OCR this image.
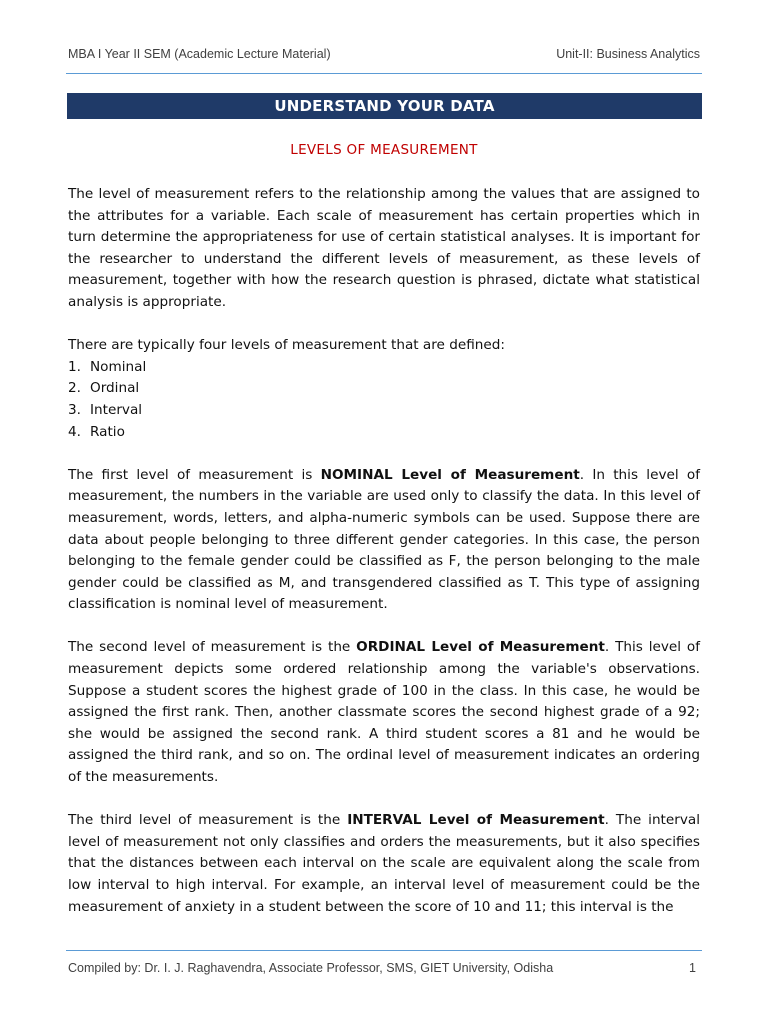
MBA I Year II SEM (Academic Lecture Material)	Unit-II: Business Analytics
UNDERSTAND YOUR DATA
LEVELS OF MEASUREMENT

The level of measurement refers to the relationship among the values that are assigned to the attributes for a variable. Each scale of measurement has certain properties which in turn determine the appropriateness for use of certain statistical analyses. It is important for the researcher to understand the different levels of measurement, as these levels of measurement, together with how the research question is phrased, dictate what statistical analysis is appropriate.

There are typically four levels of measurement that are defined:

1. Nominal
2. Ordinal
3. Interval
4. Ratio

The first level of measurement is NOMINAL Level of Measurement. In this level of measurement, the numbers in the variable are used only to classify the data. In this level of measurement, words, letters, and alpha-numeric symbols can be used. Suppose there are data about people belonging to three different gender categories. In this case, the person belonging to the female gender could be classified as F, the person belonging to the male gender could be classified as M, and transgendered classified as T. This type of assigning classification is nominal level of measurement.

The second level of measurement is the ORDINAL Level of Measurement. This level of measurement depicts some ordered relationship among the variable's observations. Suppose a student scores the highest grade of 100 in the class. In this case, he would be assigned the first rank. Then, another classmate scores the second highest grade of a 92; she would be assigned the second rank. A third student scores a 81 and he would be assigned the third rank, and so on. The ordinal level of measurement indicates an ordering of the measurements.

The third level of measurement is the INTERVAL Level of Measurement. The interval level of measurement not only classifies and orders the measurements, but it also specifies that the distances between each interval on the scale are equivalent along the scale from low interval to high interval. For example, an interval level of measurement could be the measurement of anxiety in a student between the score of 10 and 11; this interval is the

Compiled by: Dr. I. J. Raghavendra, Associate Professor, SMS, GIET University, Odisha	1
